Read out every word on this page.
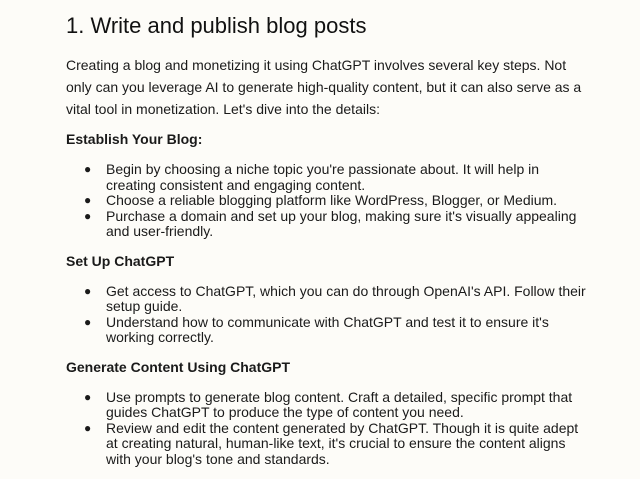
1. Write and publish blog posts

Creating a blog and monetizing it using ChatGPT involves several key steps. Not only can you leverage AI to generate high-quality content, but it can also serve as a vital tool in monetization. Let's dive into the details:

Establish Your Blog:
● Begin by choosing a niche topic you're passionate about. It will help in creating consistent and engaging content.
● Choose a reliable blogging platform like WordPress, Blogger, or Medium.
● Purchase a domain and set up your blog, making sure it's visually appealing and user-friendly.
Set Up ChatGPT
● Get access to ChatGPT, which you can do through OpenAI's API. Follow their setup guide.
● Understand how to communicate with ChatGPT and test it to ensure it's working correctly.
Generate Content Using ChatGPT
● Use prompts to generate blog content. Craft a detailed, specific prompt that guides ChatGPT to produce the type of content you need.
● Review and edit the content generated by ChatGPT. Though it is quite adept at creating natural, human-like text, it's crucial to ensure the content aligns with your blog's tone and standards.
